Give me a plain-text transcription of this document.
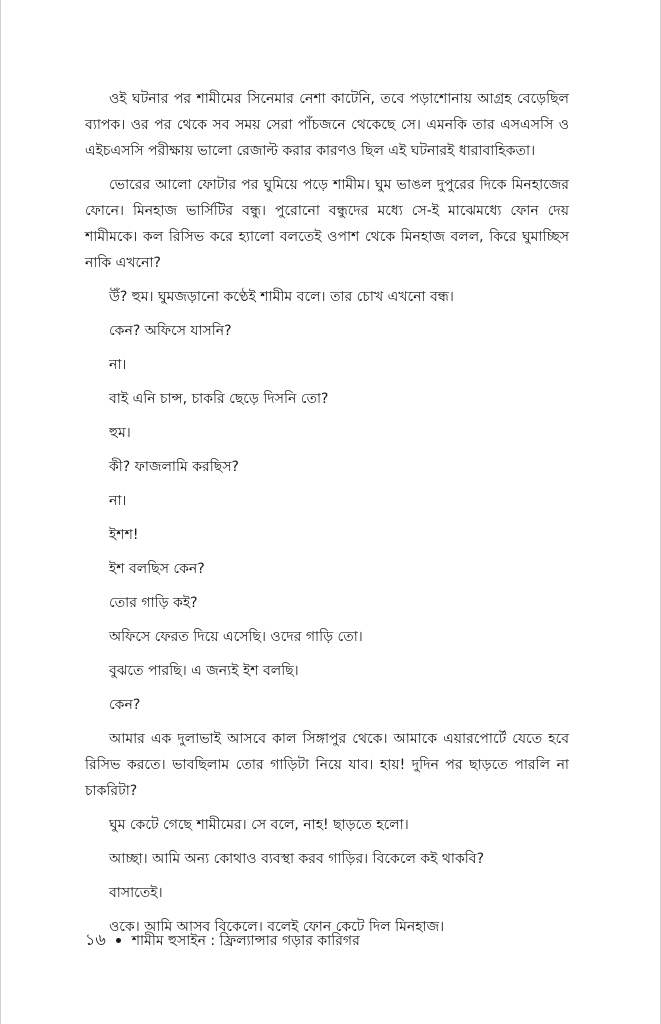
ওই ঘটনার পর শামীমের সিনেমার নেশা কাটেনি, তবে পড়াশোনায় আগ্রহ বেড়েছিল ব্যাপক। ওর পর থেকে সব সময় সেরা পাঁচজনে থেকেছে সে। এমনকি তার এসএসসি ও এইচএসসি পরীক্ষায় ভালো রেজাল্ট করার কারণও ছিল এই ঘটনারই ধারাবাহিকতা।

ভোরের আলো ফোটার পর ঘুমিয়ে পড়ে শামীম। ঘুম ভাঙল দুপুরের দিকে মিনহাজের ফোনে। মিনহাজ ভার্সিটির বন্ধু। পুরোনো বন্ধুদের মধ্যে সে-ই মাঝেমধ্যে ফোন দেয় শামীমকে। কল রিসিভ করে হ্যালো বলতেই ওপাশ থেকে মিনহাজ বলল, কিরে ঘুমাচ্ছিস নাকি এখনো?

উঁ? হুম। ঘুমজড়ানো কণ্ঠেই শামীম বলে। তার চোখ এখনো বন্ধ।

কেন? অফিসে যাসনি?

না।

বাই এনি চান্স, চাকরি ছেড়ে দিসনি তো?

হুম।

কী? ফাজলামি করছিস?

না।

ইশশ!

ইশ বলছিস কেন?

তোর গাড়ি কই?

অফিসে ফেরত দিয়ে এসেছি। ওদের গাড়ি তো।

বুঝতে পারছি। এ জন্যই ইশ বলছি।

কেন?

আমার এক দুলাভাই আসবে কাল সিঙ্গাপুর থেকে। আমাকে এয়ারপোর্টে যেতে হবে রিসিভ করতে। ভাবছিলাম তোর গাড়িটা নিয়ে যাব। হায়! দুদিন পর ছাড়তে পারলি না চাকরিটা?

ঘুম কেটে গেছে শামীমের। সে বলে, নাহ! ছাড়তে হলো।

আচ্ছা। আমি অন্য কোথাও ব্যবস্থা করব গাড়ির। বিকেলে কই থাকবি?

বাসাতেই।

ওকে। আমি আসব বিকেলে। বলেই ফোন কেটে দিল মিনহাজ।

১৬ শামীম হুসাইন : ফ্রিল্যান্সার গড়ার কারিগর
